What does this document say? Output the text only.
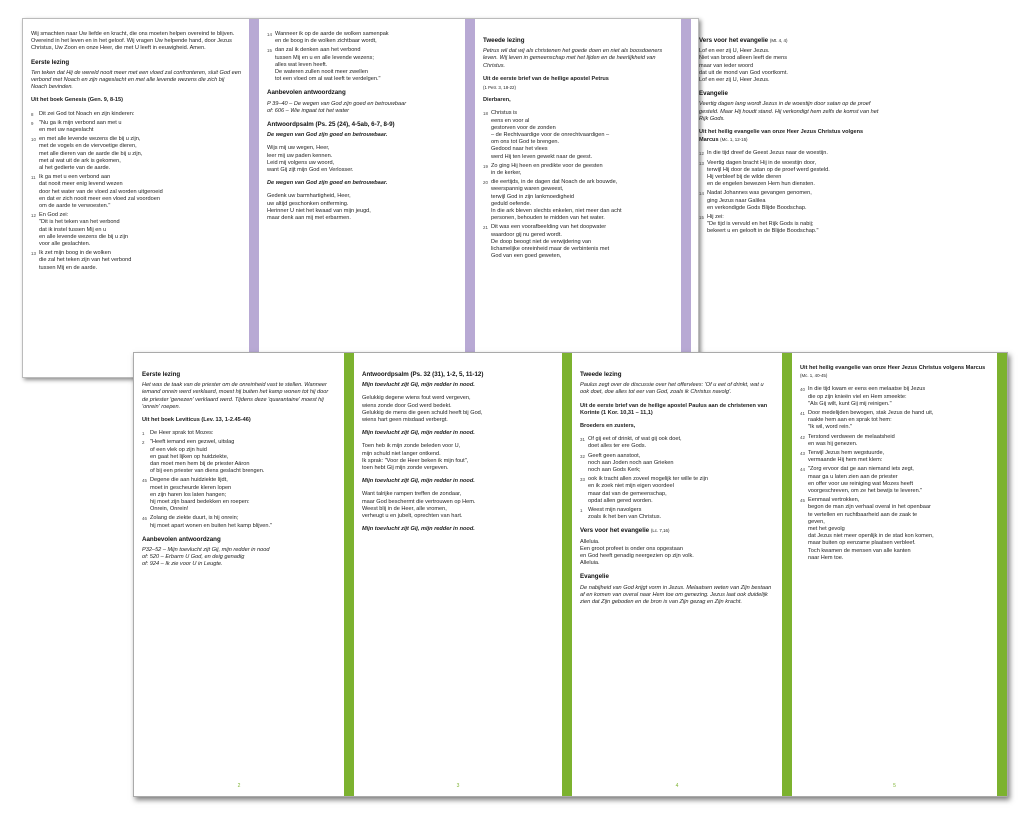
Wij smachten naar Uw liefde en kracht, die ons moeten helpen overeind te blijven. Overeind in het leven en in het geloof. Wij vragen Uw helpende hand, door Jezus Christus, Uw Zoon en onze Heer, die met U leeft in eeuwigheid. Amen.

Eerste lezing

Ten teken dat Hij de wereld nooit meer met een vloed zal confronteren, sluit God een verbond met Noach en zijn nageslacht en met alle levende wezens die zich bij Noach bevinden.

Uit het boek Genesis (Gen. 9, 8-15)

8 Dit zei God tot Noach en zijn kinderen:
9 "Nu ga ik mijn verbond aan met u
en met uw nageslacht
10 en met alle levende wezens die bij u zijn,
met de vogels en de viervoetige dieren,
met alle dieren van de aarde die bij u zijn,
met al wat uit de ark is gekomen,
al het gedierte van de aarde.
11 Ik ga met u een verbond aan
dat nooit meer enig levend wezen
door het water van de vloed zal worden uitgeroeid
en dat er zich nooit meer een vloed zal voordoen
om de aarde te verwoesten."
12 En God zei:
"Dit is het teken van het verbond
dat ik instel tussen Mij en u
en alle levende wezens die bij u zijn
voor alle geslachten.
13 Ik zet mijn boog in de wolken
die zal het teken zijn van het verbond
tussen Mij en de aarde.
14 Wanneer ik op de aarde de wolken samenpak
en de boog in de wolken zichtbaar wordt,
15 dan zal ik denken aan het verbond
tussen Mij en u en alle levende wezens;
alles wat leven heeft.
De wateren zullen nooit meer zwellen
tot een vloed om al wat leeft te verdelgen."
Aanbevolen antwoordzang

P 39–40 – De wegen van God zijn goed en betrouwbaar
of: 606 – Wie ingaat tot het water

Antwoordpsalm (Ps. 25 (24), 4-5ab, 6-7, 8-9)

De wegen van God zijn goed en betrouwbaar.

Wijs mij uw wegen, Heer,
leer mij uw paden kennen.
Leid mij volgens uw woord,
want Gij zijt mijn God en Verlosser.

De wegen van God zijn goed en betrouwbaar.

Gedenk uw barmhartigheid, Heer,
uw altijd geschonken ontferming.
Herinner U niet het kwaad van mijn jeugd,
maar denk aan mij met erbarmen.

Tweede lezing

Petrus wil dat wij als christenen het goede doen en niet als boosdoeners leven. Wij leven in gemeenschap met het lijden en de heerlijkheid van Christus.

Uit de eerste brief van de heilige apostel Petrus

(1 Petr. 3, 18-22)

Dierbaren,

18 Christus is
eens en voor al
gestorven voor de zonden
– de Rechtvaardige voor de onrechtvaardigen –
om ons tot God te brengen.
Gedood naar het vlees
werd Hij ten leven gewekt naar de geest.
19 Zo ging Hij heen en predikte voor de geesten
in de kerker,
20 die eertijds, in de dagen dat Noach de ark bouwde,
weerspannig waren geweest,
terwijl God in zijn lankmoedigheid
geduld oefende.
In die ark bleven slechts enkelen, niet meer dan acht
personen, behouden te midden van het water.
21 Dit was een voorafbeelding van het doopwater
waardoor gij nu gered wordt.
De doop beoogt niet de verwijdering van
lichamelijke onreinheid maar de verbintenis met
God van een goed geweten,
Vers voor het evangelie (Mt. 4, 4)

Lof en eer zij U, Heer Jezus.
Niet van brood alleen leeft de mens
maar van ieder woord
dat uit de mond van God voortkomt.
Lof en eer zij U, Heer Jezus.

Evangelie

Veertig dagen lang wordt Jezus in de woestijn door satan op de proef gesteld. Maar Hij houdt stand. Hij verkondigt hem zelfs de komst van het Rijk Gods.

Uit het heilig evangelie van onze Heer Jezus Christus volgens Marcus (Mc. 1, 12-15)

12 In die tijd dreef de Geest Jezus naar de woestijn.
13 Veertig dagen bracht Hij in de woestijn door,
terwijl Hij door de satan op de proef werd gesteld.
Hij verbleef bij de wilde dieren
en de engelen bewezen Hem hun diensten.
14 Nadat Johannes was gevangen genomen,
ging Jezus naar Galilea
en verkondigde Gods Blijde Boodschap.
15 Hij zei:
"De tijd is vervuld en het Rijk Gods is nabij;
bekeert u en gelooft in de Blijde Boodschap."
Eerste lezing

Het was de taak van de priester om de onreinheid vast te stellen. Wanneer iemand onrein werd verklaard, moest hij buiten het kamp wonen tot hij door de priester 'genezen' verklaard werd. Tijdens deze 'quarantaine' moest hij 'onrein' roepen.

Uit het boek Leviticus (Lev. 13, 1-2.45-46)

1 De Heer sprak tot Mozes:
2 "Heeft iemand een gezwel, uitslag
of een vlek op zijn huid
en gaat het lijken op huidziekte,
dan moet men hem bij de priester Aäron
of bij een priester van diens geslacht brengen.
45 Degene die aan huidziekte lijdt,
moet in gescheurde kleren lopen
en zijn haren los laten hangen;
hij moet zijn baard bedekken en roepen:
Onrein, Onrein!
46 Zolang de ziekte duurt, is hij onrein;
hij moet apart wonen en buiten het kamp blijven."
Aanbevolen antwoordzang

P32–52 – Mijn toevlucht zijt Gij, mijn redder in nood
of: 520 – Erbarm U God, en deig genadig
of: 924 – Ik zie voor U in Leugte.

2
Antwoordpsalm (Ps. 32 (31), 1-2, 5, 11-12)

Mijn toevlucht zijt Gij, mijn redder in nood.

Gelukkig degene wiens fout werd vergeven,
wiens zonde door God werd bedekt.
Gelukkig de mens die geen schuld heeft bij God,
wiens hart geen misdaad verbergt.

Mijn toevlucht zijt Gij, mijn redder in nood.

Toen heb ik mijn zonde beleden voor U,
mijn schuld niet langer ontkend.
Ik sprak: "Voor de Heer beken ik mijn fout",
toen hebt Gij mijn zonde vergeven.

Mijn toevlucht zijt Gij, mijn redder in nood.

Want talrijke rampen treffen de zondaar,
maar God beschermt die vertrouwen op Hem.
Weest blij in de Heer, alle vromen,
verheugt u en jubelt, oprechten van hart.

Mijn toevlucht zijt Gij, mijn redder in nood.

3
Tweede lezing

Paulus zegt over de discussie over het offervlees: 'Of u eet of drinkt, wat u ook doet, doe alles tot eer van God, zoals ik Christus navolg'.

Uit de eerste brief van de heilige apostel Paulus aan de christenen van Korinte (1 Kor. 10,31 – 11,1)

Broeders en zusters,

31 Of gij eet of drinkt, of wat gij ook doet,
doet alles ter ere Gods.
32 Geeft geen aanstoot,
noch aan Joden noch aan Grieken
noch aan Gods Kerk;
33 ook ik tracht allen zoveel mogelijk ter wille te zijn
en ik zoek niet mijn eigen voordeel
maar dat van de gemeenschap,
opdat allen gered worden.
1 Weest mijn navolgers
zoals ik het ben van Christus.
Vers voor het evangelie (Lc. 7,16)

Alleluia.
Een groot profeet is onder ons opgestaan
en God heeft genadig neergezien op zijn volk.
Alleluia.

Evangelie

De nabijheid van God krijgt vorm in Jezus. Melaatsen weten van Zijn bestaan af en komen van overal naar Hem toe om genezing. Jezus laat ook duidelijk zien dat Zijn geboden en de bron is van Zijn gezag en Zijn kracht.

4

Uit het heilig evangelie van onze Heer Jezus Christus volgens Marcus (Mc. 1, 40-45)

40 In die tijd kwam er eens een melaatse bij Jezus
die op zijn knieën viel en Hem smeekte:
"Als Gij wilt, kunt Gij mij reinigen."
41 Door medelijden bewogen, stak Jezus de hand uit,
raakte hem aan en sprak tot hem:
"Ik wil, word rein."
42 Terstond verdween de melaatsheid
en was hij genezen.
43 Terwijl Jezus hem wegstuurde,
vermaande Hij hem met klem:
44 "Zorg ervoor dat ge aan niemand iets zegt,
maar ga u laten zien aan de priester
en offer voor uw reiniging wat Mozes heeft
voorgeschreven, om ze het bewijs te leveren."
45 Eenmaal vertrokken,
begon de man zijn verhaal overal in het openbaar
te vertellen en ruchtbaarheid aan de zaak te
geven,
met het gevolg
dat Jezus niet meer openlijk in de stad kon komen,
maar buiten op eenzame plaatsen verbleef.
Toch kwamen de mensen van alle kanten
naar Hem toe.
5
